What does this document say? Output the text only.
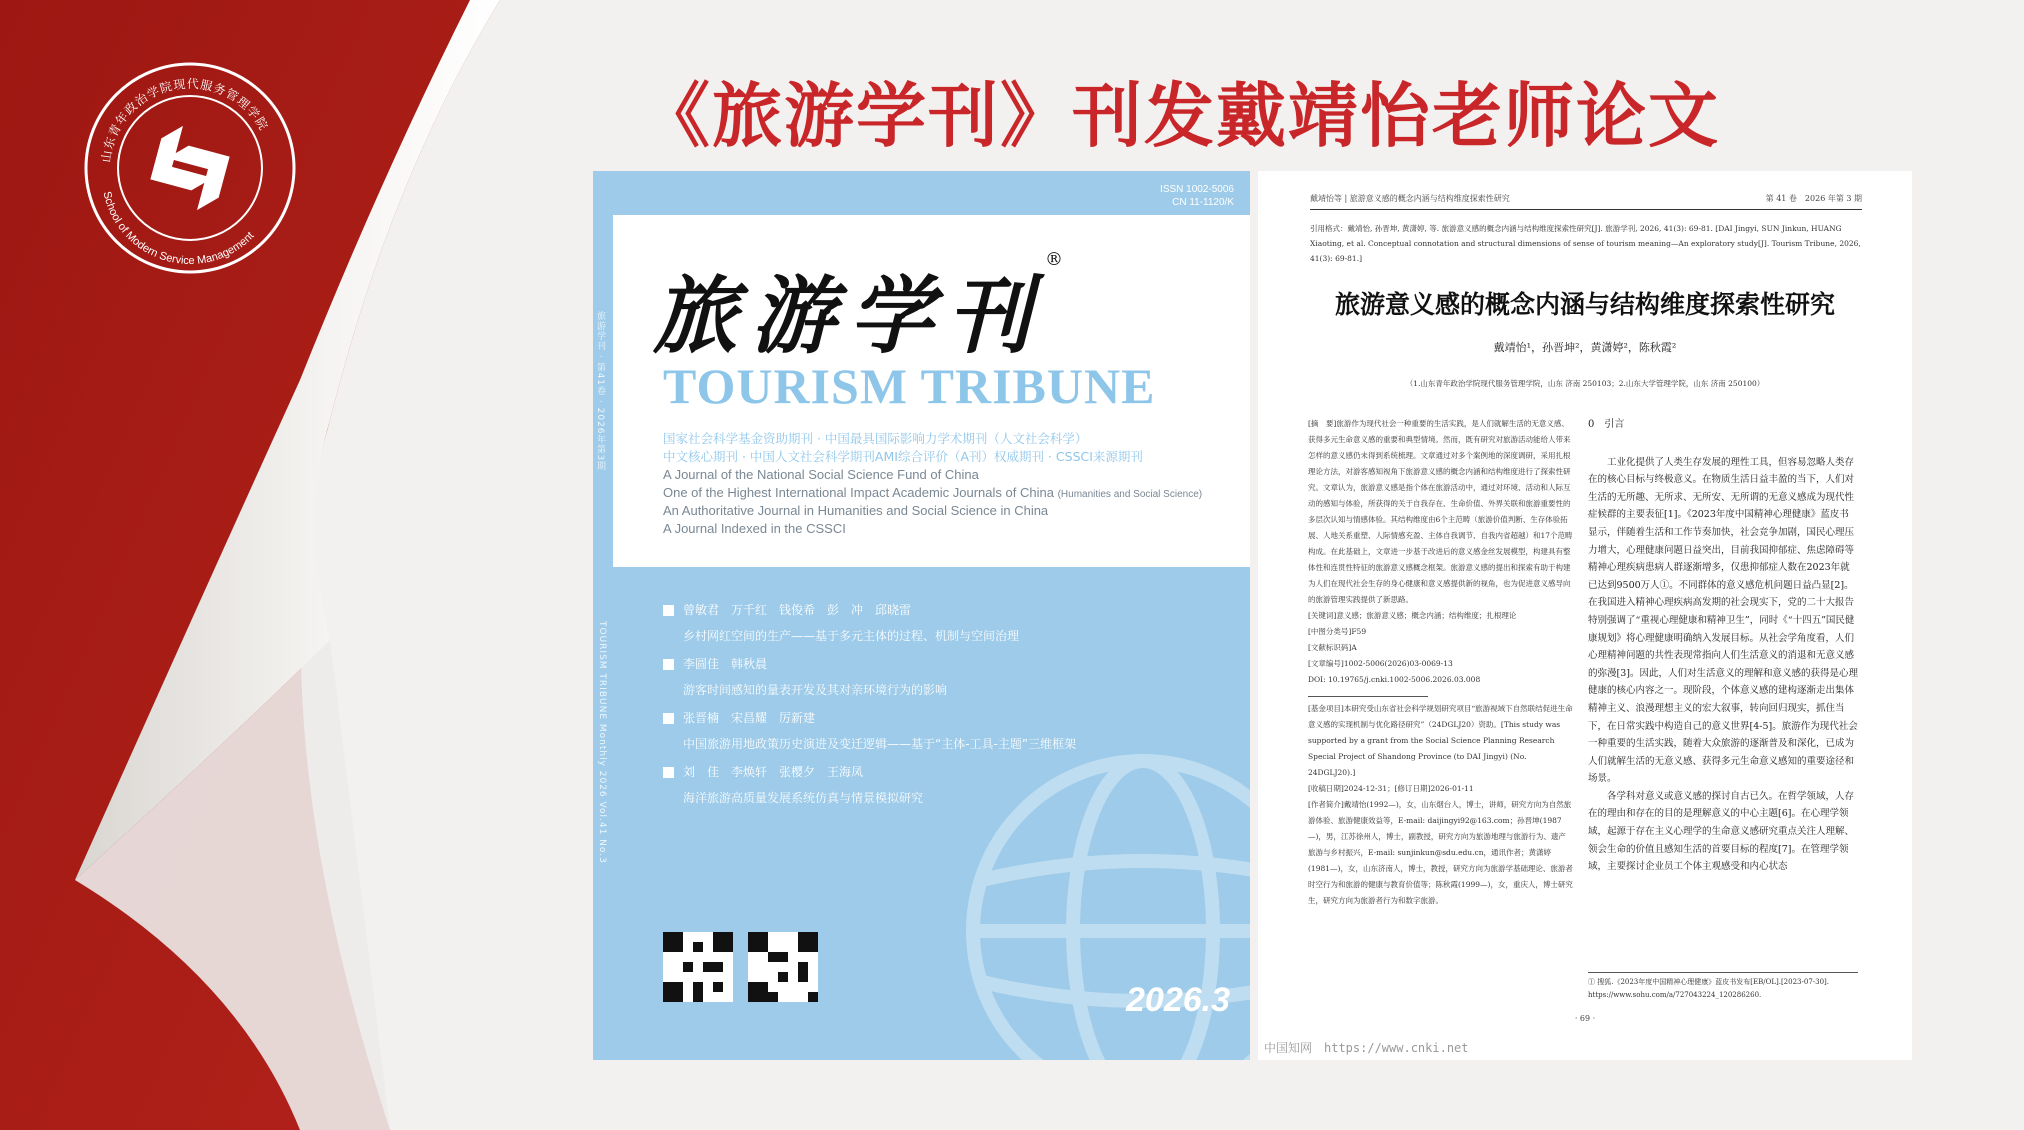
山东青年政治学院现代服务管理学院
School of Modern Service Management
《旅游学刊》刊发戴靖怡老师论文
ISSN 1002-5006
CN 11-1120/K
旅游学刊 · 第41卷 · 2026年第3期
TOURISM TRIBUNE Monthly 2026 Vol.41 No.3
旅游学刊®
TOURISM TRIBUNE
国家社会科学基金资助期刊 · 中国最具国际影响力学术期刊（人文社会科学）
中文核心期刊 · 中国人文社会科学期刊AMI综合评价（A刊）权威期刊 · CSSCI来源期刊
A Journal of the National Social Science Fund of China
One of the Highest International Impact Academic Journals of China (Humanities and Social Science)
An Authoritative Journal in Humanities and Social Science in China
A Journal Indexed in the CSSCI
曾敏君　万千红　钱俊希　彭　冲　邱晓雷
乡村网红空间的生产——基于多元主体的过程、机制与空间治理
李圆佳　韩秋晨
游客时间感知的量表开发及其对亲环境行为的影响
张晋楠　宋昌耀　厉新建
中国旅游用地政策历史演进及变迁逻辑——基于“主体-工具-主题”三维框架
刘　佳　李焕轩　张樱夕　王海凤
海洋旅游高质量发展系统仿真与情景模拟研究
2026.3
戴靖怡等 | 旅游意义感的概念内涵与结构维度探索性研究	第 41 卷　2026 年第 3 期
引用格式：戴靖怡, 孙晋坤, 黄潇婷, 等. 旅游意义感的概念内涵与结构维度探索性研究[J]. 旅游学刊, 2026, 41(3): 69-81. [DAI Jingyi, SUN Jinkun, HUANG Xiaoting, et al. Conceptual connotation and structural dimensions of sense of tourism meaning—An exploratory study[J]. Tourism Tribune, 2026, 41(3): 69-81.]
旅游意义感的概念内涵与结构维度探索性研究
戴靖怡¹，孙晋坤²，黄潇婷²，陈秋霞²
（1.山东青年政治学院现代服务管理学院，山东 济南 250103；2.山东大学管理学院，山东 济南 250100）

[摘　要]旅游作为现代社会一种重要的生活实践，是人们就解生活的无意义感、获得多元生命意义感的重要和典型情境。然而，既有研究对旅游活动能给人带来怎样的意义感仍未得到系统梳理。文章通过对多个案例地的深度调研，采用扎根理论方法，对游客感知视角下旅游意义感的概念内涵和结构维度进行了探索性研究。文章认为，旅游意义感是指个体在旅游活动中，通过对环境、活动和人际互动的感知与体验，所获得的关于自我存在、生命价值、外界关联和旅游重要性的多层次认知与情感体验。其结构维度由6个主范畴（旅游价值判断、生存体验拓展、人地关系重塑、人际情感充盈、主体自我调节、自我内省超越）和17个范畴构成。在此基础上，文章进一步基于改进后的意义感金丝发展模型，构建具有整体性和连贯性特征的旅游意义感概念框架。旅游意义感的提出和探索有助于构建为人们在现代社会生存的身心健康和意义感提供新的视角，也为促进意义感导向的旅游管理实践提供了新思路。

[关键词]意义感；旅游意义感；概念内涵；结构维度；扎根理论

[中图分类号]F59

[文献标识码]A

[文章编号]1002-5006(2026)03-0069-13

DOI: 10.19765/j.cnki.1002-5006.2026.03.008

[基金项目]本研究受山东省社会科学规划研究项目“旅游视域下自然联结促进生命意义感的实现机制与优化路径研究”（24DGLJ20）资助。[This study was supported by a grant from the Social Science Planning Research Special Project of Shandong Province (to DAI Jingyi) (No. 24DGLJ20).]

[收稿日期]2024-12-31；[修订日期]2026-01-11

[作者简介]戴靖怡(1992—)，女，山东烟台人，博士，讲师，研究方向为自然旅游体验、旅游健康效益等，E-mail: daijingyi92@163.com；孙晋坤(1987—)，男，江苏徐州人，博士，副教授，研究方向为旅游地理与旅游行为、遗产旅游与乡村振兴，E-mail: sunjinkun@sdu.edu.cn，通讯作者；黄潇婷(1981—)，女，山东济南人，博士，教授，研究方向为旅游学基础理论、旅游者时空行为和旅游的健康与教育价值等；陈秋霞(1999—)，女，重庆人，博士研究生，研究方向为旅游者行为和数字旅游。

0　引言

工业化提供了人类生存发展的理性工具，但容易忽略人类存在的核心目标与终极意义。在物质生活日益丰盈的当下，人们对生活的无所趣、无所求、无所安、无所谓的无意义感成为现代性症候群的主要表征[1]。《2023年度中国精神心理健康》蓝皮书显示，伴随着生活和工作节奏加快，社会竞争加剧，国民心理压力增大，心理健康问题日益突出，目前我国抑郁症、焦虑障碍等精神心理疾病患病人群逐渐增多，仅患抑郁症人数在2023年就已达到9500万人①。不同群体的意义感危机问题日益凸显[2]。在我国进入精神心理疾病高发期的社会现实下，党的二十大报告特别强调了“重视心理健康和精神卫生”，同时《“十四五”国民健康规划》将心理健康明确纳入发展目标。从社会学角度看，人们心理精神问题的共性表现常指向人们生活意义的消退和无意义感的弥漫[3]。因此，人们对生活意义的理解和意义感的获得是心理健康的核心内容之一。现阶段，个体意义感的建构逐渐走出集体精神主义、浪漫理想主义的宏大叙事，转向回归现实，抓住当下，在日常实践中构造自己的意义世界[4-5]。旅游作为现代社会一种重要的生活实践，随着大众旅游的逐渐普及和深化，已成为人们就解生活的无意义感、获得多元生命意义感知的重要途径和场景。

各学科对意义或意义感的探讨自古已久。在哲学领域，人存在的理由和存在的目的是理解意义的中心主题[6]。在心理学领域，起源于存在主义心理学的生命意义感研究重点关注人理解、领会生命的价值且感知生活的首要目标的程度[7]。在管理学领域，主要探讨企业员工个体主观感受和内心状态

① 搜狐.《2023年度中国精神心理健康》蓝皮书发布[EB/OL].[2023-07-30]. https://www.sohu.com/a/727043224_120286260.
· 69 ·
中国知网　https://www.cnki.net
